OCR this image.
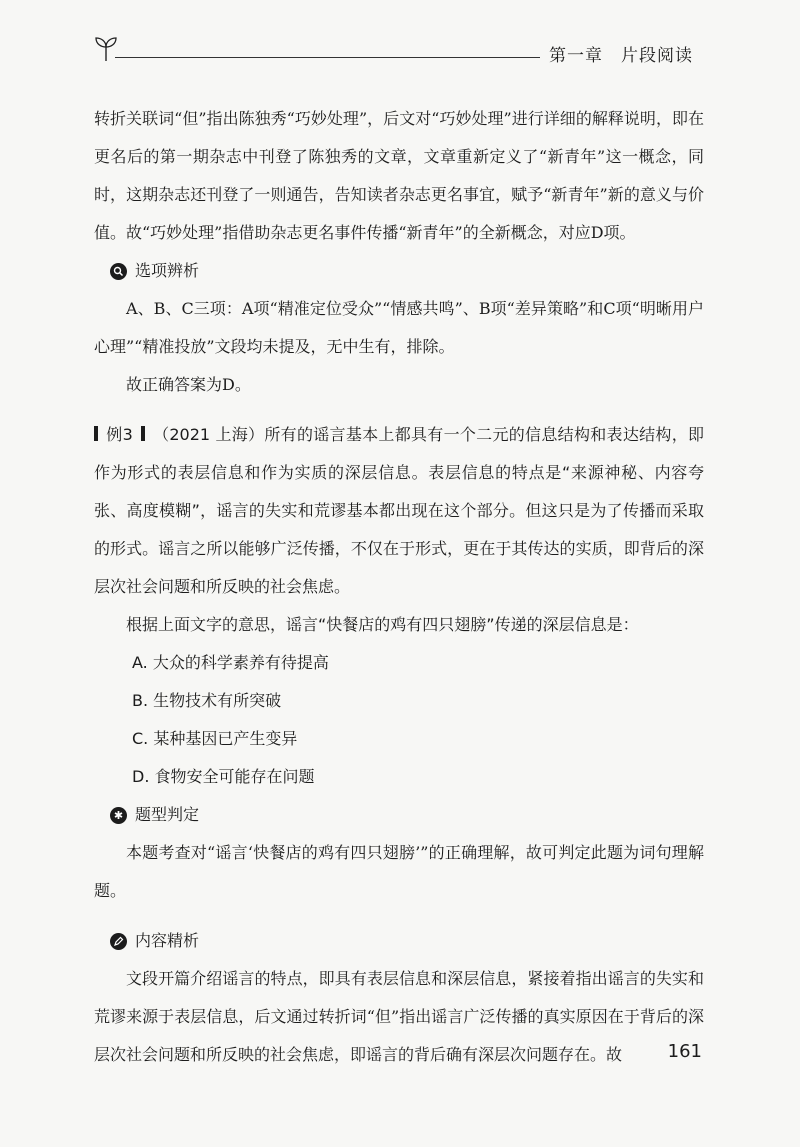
第一章 片段阅读

转折关联词“但”指出陈独秀“巧妙处理”，后文对“巧妙处理”进行详细的解释说明，即在更名后的第一期杂志中刊登了陈独秀的文章，文章重新定义了“新青年”这一概念，同时，这期杂志还刊登了一则通告，告知读者杂志更名事宜，赋予“新青年”新的意义与价值。故“巧妙处理”指借助杂志更名事件传播“新青年”的全新概念，对应D项。

选项辨析

A、B、C三项：A项“精准定位受众”“情感共鸣”、B项“差异策略”和C项“明晰用户心理”“精准投放”文段均未提及，无中生有，排除。

故正确答案为D。

例3 （2021 上海）所有的谣言基本上都具有一个二元的信息结构和表达结构，即作为形式的表层信息和作为实质的深层信息。表层信息的特点是“来源神秘、内容夸张、高度模糊”，谣言的失实和荒谬基本都出现在这个部分。但这只是为了传播而采取的形式。谣言之所以能够广泛传播，不仅在于形式，更在于其传达的实质，即背后的深层次社会问题和所反映的社会焦虑。

根据上面文字的意思，谣言“快餐店的鸡有四只翅膀”传递的深层信息是：

A. 大众的科学素养有待提高
B. 生物技术有所突破
C. 某种基因已产生变异
D. 食物安全可能存在问题
✱ 题型判定

本题考查对“谣言‘快餐店的鸡有四只翅膀’”的正确理解，故可判定此题为词句理解题。

内容精析

文段开篇介绍谣言的特点，即具有表层信息和深层信息，紧接着指出谣言的失实和荒谬来源于表层信息，后文通过转折词“但”指出谣言广泛传播的真实原因在于背后的深层次社会问题和所反映的社会焦虑，即谣言的背后确有深层次问题存在。故	161
